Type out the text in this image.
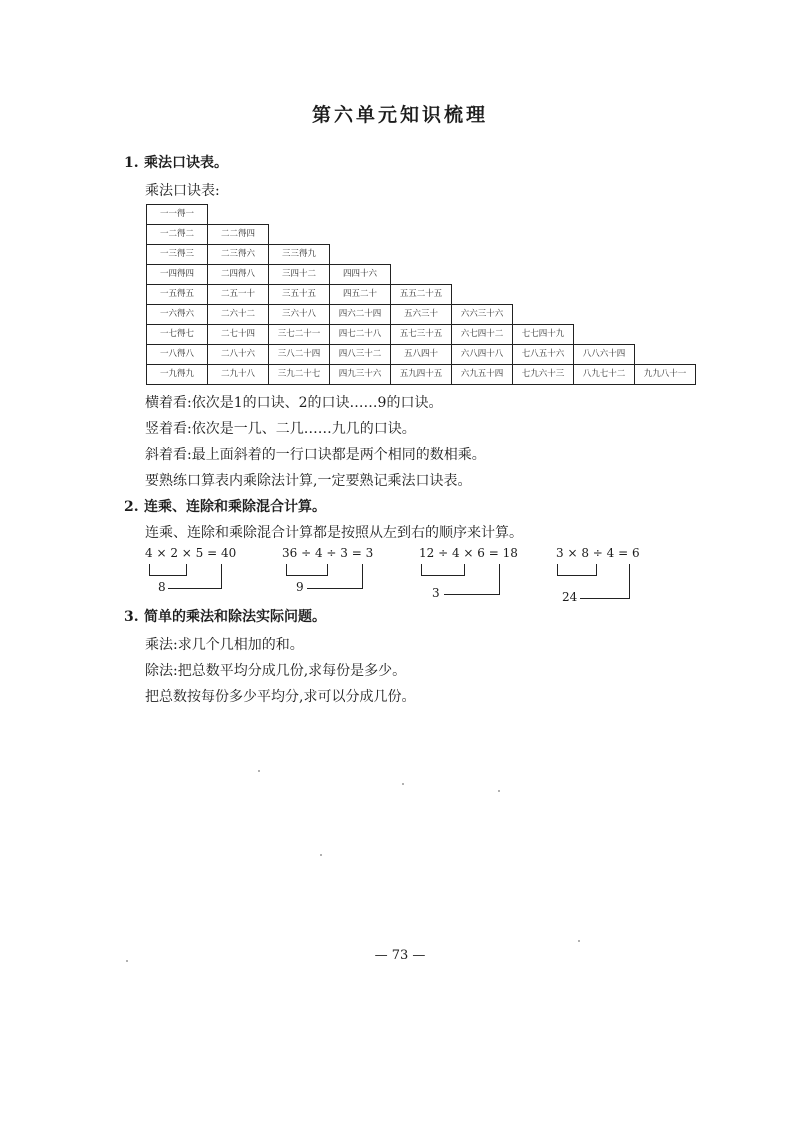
第六单元知识梳理
1. 乘法口诀表。
乘法口诀表:
一一得一
一二得二	二二得四
一三得三	二三得六	三三得九
一四得四	二四得八	三四十二	四四十六
一五得五	二五一十	三五十五	四五二十	五五二十五
一六得六	二六十二	三六十八	四六二十四	五六三十	六六三十六
一七得七	二七十四	三七二十一	四七二十八	五七三十五	六七四十二	七七四十九
一八得八	二八十六	三八二十四	四八三十二	五八四十	六八四十八	七八五十六	八八六十四
一九得九	二九十八	三九二十七	四九三十六	五九四十五	六九五十四	七九六十三	八九七十二	九九八十一
横着看:依次是1的口诀、2的口诀……9的口诀。
竖着看:依次是一几、二几……九几的口诀。
斜着看:最上面斜着的一行口诀都是两个相同的数相乘。
要熟练口算表内乘除法计算,一定要熟记乘法口诀表。
2. 连乘、连除和乘除混合计算。
连乘、连除和乘除混合计算都是按照从左到右的顺序来计算。
4 × 2 × 5 = 40	36 ÷ 4 ÷ 3 = 3	12 ÷ 4 × 6 = 18	3 × 8 ÷ 4 = 6
8	9	3	24
3. 简单的乘法和除法实际问题。
乘法:求几个几相加的和。
除法:把总数平均分成几份,求每份是多少。
把总数按每份多少平均分,求可以分成几份。
— 73 —
